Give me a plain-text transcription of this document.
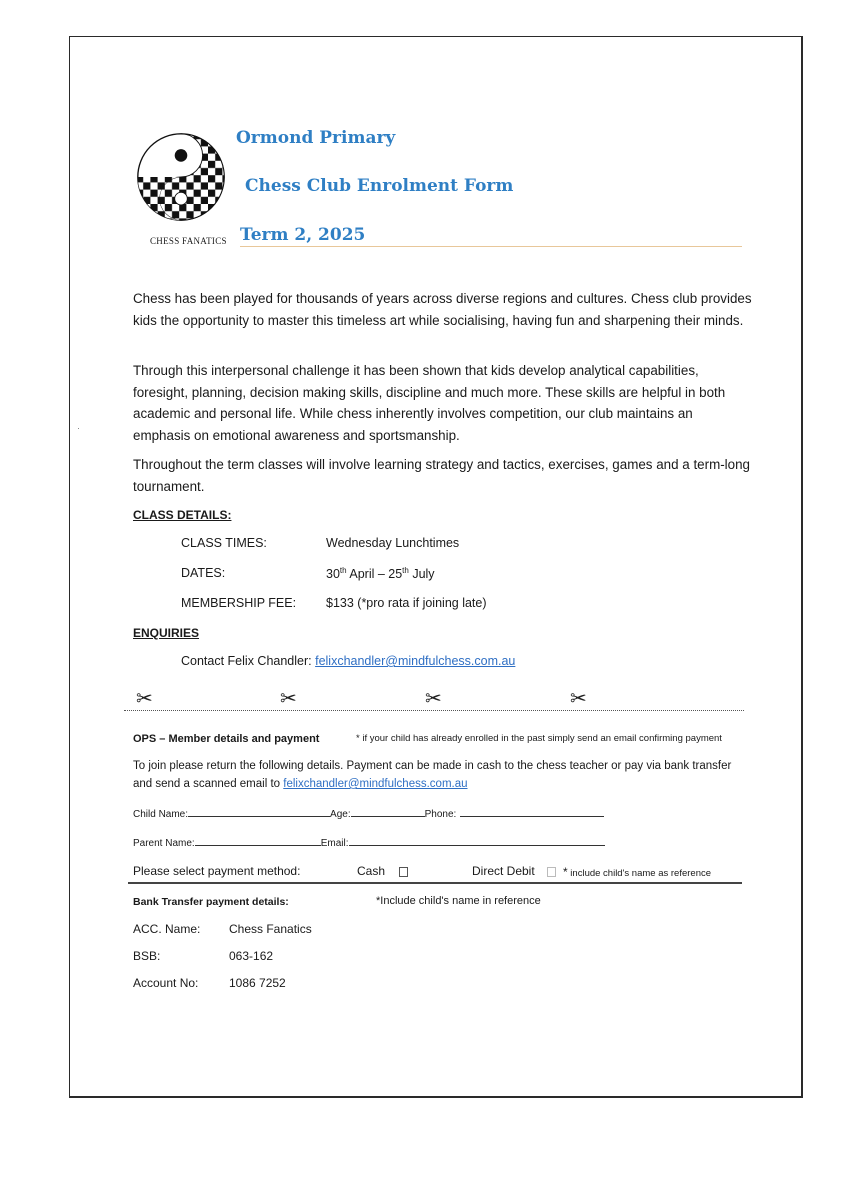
CHESS FANATICS
Ormond Primary
Chess Club Enrolment Form
Term 2, 2025
Chess has been played for thousands of years across diverse regions and cultures. Chess club provides kids the opportunity to master this timeless art while socialising, having fun and sharpening their minds.
Through this interpersonal challenge it has been shown that kids develop analytical capabilities, foresight, planning, decision making skills, discipline and much more. These skills are helpful in both academic and personal life. While chess inherently involves competition, our club maintains an emphasis on emotional awareness and sportsmanship.
Throughout the term classes will involve learning strategy and tactics, exercises, games and a term-long tournament.
CLASS DETAILS:
CLASS TIMES:	Wednesday Lunchtimes
DATES:	30th April – 25th July
MEMBERSHIP FEE: $133 (*pro rata if joining late)
ENQUIRIES
Contact Felix Chandler: felixchandler@mindfulchess.com.au
✂	✂	✂	✂
OPS – Member details and payment	* if your child has already enrolled in the past simply send an email confirming payment
To join please return the following details. Payment can be made in cash to the chess teacher or pay via bank transfer and send a scanned email to felixchandler@mindfulchess.com.au
Child Name:	Age:	Phone:
Parent Name:	Email:
Please select payment method:	Cash	Direct Debit	* include child's name as reference
Bank Transfer payment details:	*Include child's name in reference
ACC. Name: Chess Fanatics
BSB:	063-162
Account No:	1086 7252
